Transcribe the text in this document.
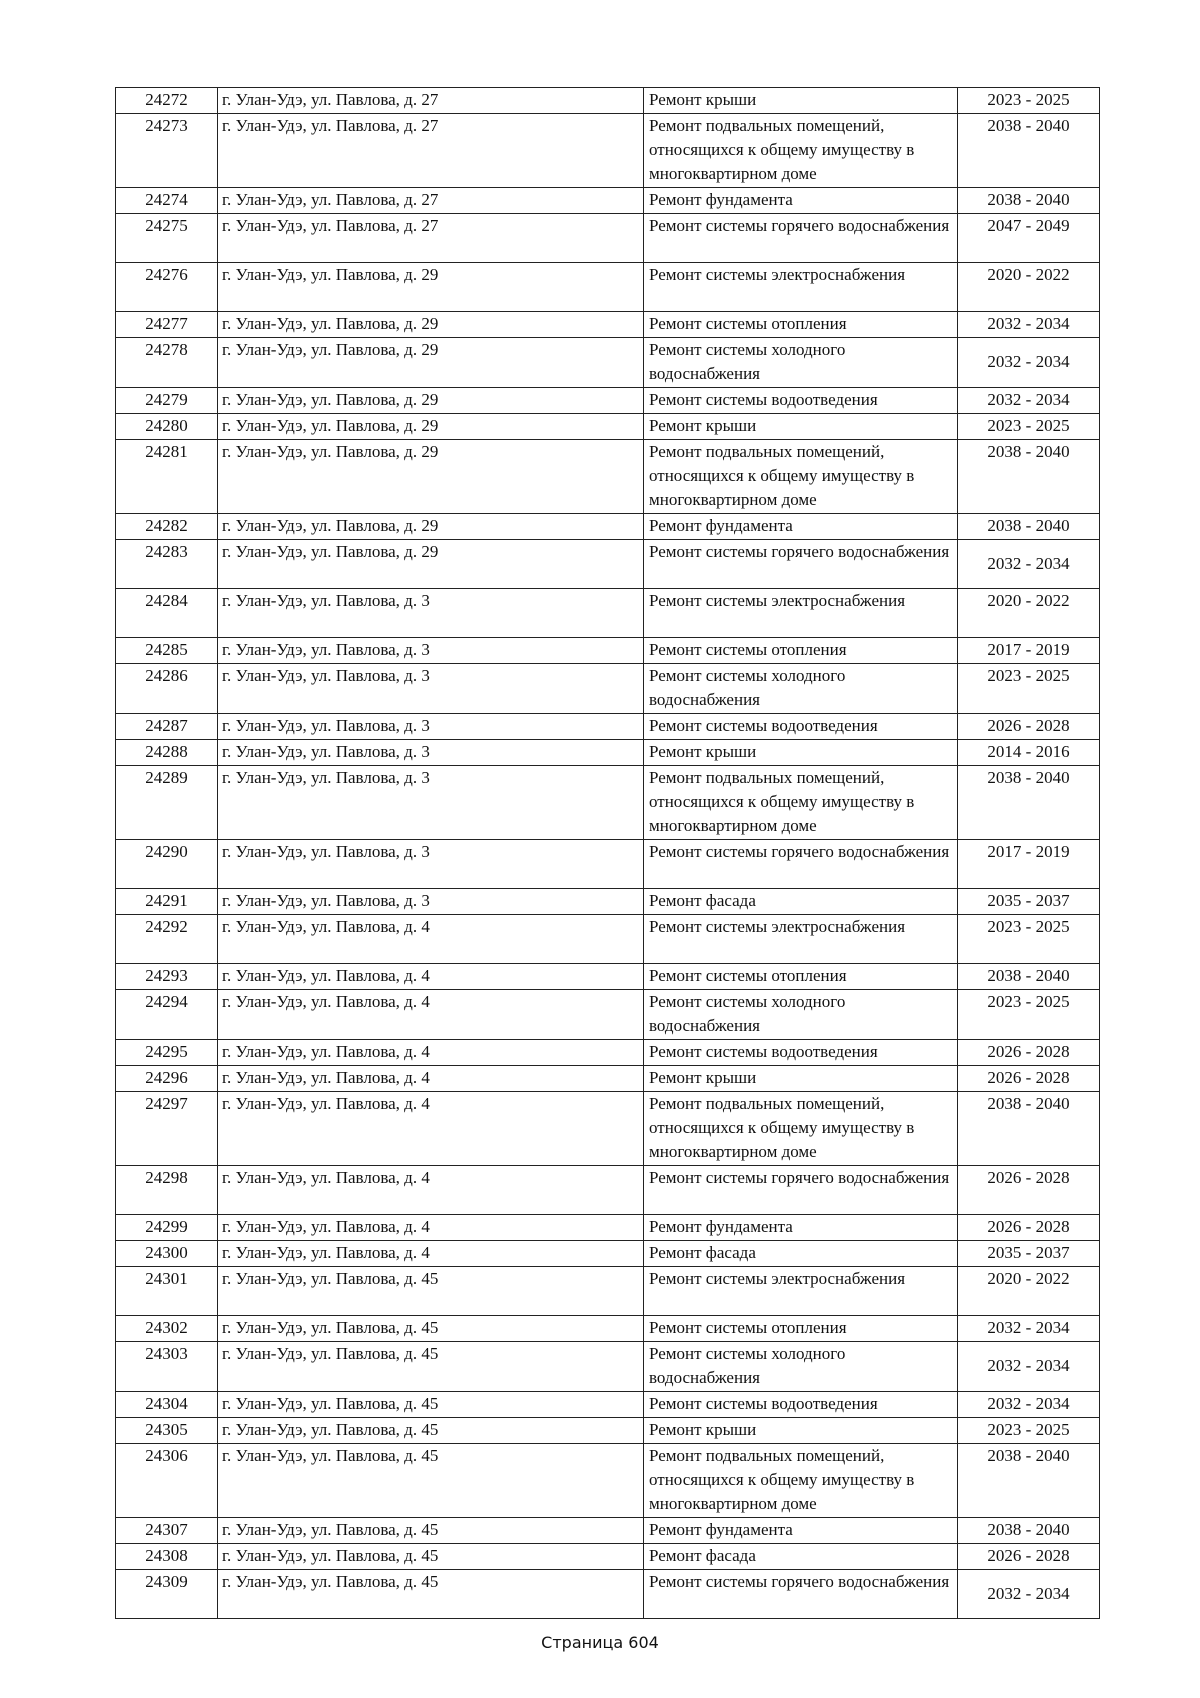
24272	г. Улан-Удэ, ул. Павлова, д. 27	Ремонт крыши	2023 - 2025
24273	г. Улан-Удэ, ул. Павлова, д. 27	Ремонт подвальных помещений, относящихся к общему имуществу в многоквартирном доме	2038 - 2040
24274	г. Улан-Удэ, ул. Павлова, д. 27	Ремонт фундамента	2038 - 2040
24275	г. Улан-Удэ, ул. Павлова, д. 27	Ремонт системы горячего водоснабжения	2047 - 2049
24276	г. Улан-Удэ, ул. Павлова, д. 29	Ремонт системы электроснабжения	2020 - 2022
24277	г. Улан-Удэ, ул. Павлова, д. 29	Ремонт системы отопления	2032 - 2034
24278	г. Улан-Удэ, ул. Павлова, д. 29	Ремонт системы холодного водоснабжения	2032 - 2034
24279	г. Улан-Удэ, ул. Павлова, д. 29	Ремонт системы водоотведения	2032 - 2034
24280	г. Улан-Удэ, ул. Павлова, д. 29	Ремонт крыши	2023 - 2025
24281	г. Улан-Удэ, ул. Павлова, д. 29	Ремонт подвальных помещений, относящихся к общему имуществу в многоквартирном доме	2038 - 2040
24282	г. Улан-Удэ, ул. Павлова, д. 29	Ремонт фундамента	2038 - 2040
24283	г. Улан-Удэ, ул. Павлова, д. 29	Ремонт системы горячего водоснабжения	2032 - 2034
24284	г. Улан-Удэ, ул. Павлова, д. 3	Ремонт системы электроснабжения	2020 - 2022
24285	г. Улан-Удэ, ул. Павлова, д. 3	Ремонт системы отопления	2017 - 2019
24286	г. Улан-Удэ, ул. Павлова, д. 3	Ремонт системы холодного водоснабжения	2023 - 2025
24287	г. Улан-Удэ, ул. Павлова, д. 3	Ремонт системы водоотведения	2026 - 2028
24288	г. Улан-Удэ, ул. Павлова, д. 3	Ремонт крыши	2014 - 2016
24289	г. Улан-Удэ, ул. Павлова, д. 3	Ремонт подвальных помещений, относящихся к общему имуществу в многоквартирном доме	2038 - 2040
24290	г. Улан-Удэ, ул. Павлова, д. 3	Ремонт системы горячего водоснабжения	2017 - 2019
24291	г. Улан-Удэ, ул. Павлова, д. 3	Ремонт фасада	2035 - 2037
24292	г. Улан-Удэ, ул. Павлова, д. 4	Ремонт системы электроснабжения	2023 - 2025
24293	г. Улан-Удэ, ул. Павлова, д. 4	Ремонт системы отопления	2038 - 2040
24294	г. Улан-Удэ, ул. Павлова, д. 4	Ремонт системы холодного водоснабжения	2023 - 2025
24295	г. Улан-Удэ, ул. Павлова, д. 4	Ремонт системы водоотведения	2026 - 2028
24296	г. Улан-Удэ, ул. Павлова, д. 4	Ремонт крыши	2026 - 2028
24297	г. Улан-Удэ, ул. Павлова, д. 4	Ремонт подвальных помещений, относящихся к общему имуществу в многоквартирном доме	2038 - 2040
24298	г. Улан-Удэ, ул. Павлова, д. 4	Ремонт системы горячего водоснабжения	2026 - 2028
24299	г. Улан-Удэ, ул. Павлова, д. 4	Ремонт фундамента	2026 - 2028
24300	г. Улан-Удэ, ул. Павлова, д. 4	Ремонт фасада	2035 - 2037
24301	г. Улан-Удэ, ул. Павлова, д. 45	Ремонт системы электроснабжения	2020 - 2022
24302	г. Улан-Удэ, ул. Павлова, д. 45	Ремонт системы отопления	2032 - 2034
24303	г. Улан-Удэ, ул. Павлова, д. 45	Ремонт системы холодного водоснабжения	2032 - 2034
24304	г. Улан-Удэ, ул. Павлова, д. 45	Ремонт системы водоотведения	2032 - 2034
24305	г. Улан-Удэ, ул. Павлова, д. 45	Ремонт крыши	2023 - 2025
24306	г. Улан-Удэ, ул. Павлова, д. 45	Ремонт подвальных помещений, относящихся к общему имуществу в многоквартирном доме	2038 - 2040
24307	г. Улан-Удэ, ул. Павлова, д. 45	Ремонт фундамента	2038 - 2040
24308	г. Улан-Удэ, ул. Павлова, д. 45	Ремонт фасада	2026 - 2028
24309	г. Улан-Удэ, ул. Павлова, д. 45	Ремонт системы горячего водоснабжения	2032 - 2034
Страница 604
